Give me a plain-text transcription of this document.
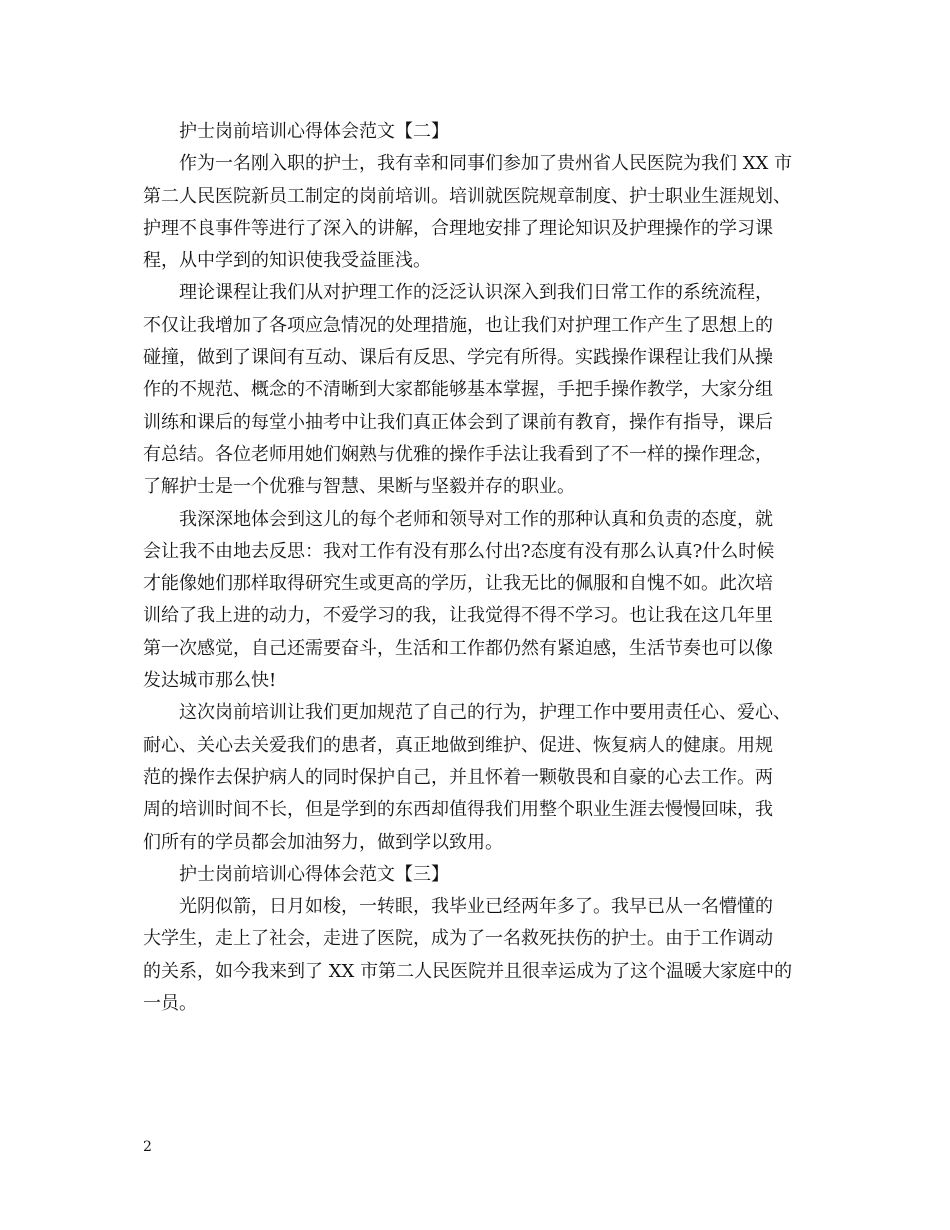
护士岗前培训心得体会范文【二】
作为一名刚入职的护士，我有幸和同事们参加了贵州省人民医院为我们 XX 市
第二人民医院新员工制定的岗前培训。培训就医院规章制度、护士职业生涯规划、
护理不良事件等进行了深入的讲解，合理地安排了理论知识及护理操作的学习课
程，从中学到的知识使我受益匪浅。
理论课程让我们从对护理工作的泛泛认识深入到我们日常工作的系统流程，
不仅让我增加了各项应急情况的处理措施，也让我们对护理工作产生了思想上的
碰撞，做到了课间有互动、课后有反思、学完有所得。实践操作课程让我们从操
作的不规范、概念的不清晰到大家都能够基本掌握，手把手操作教学，大家分组
训练和课后的每堂小抽考中让我们真正体会到了课前有教育，操作有指导，课后
有总结。各位老师用她们娴熟与优雅的操作手法让我看到了不一样的操作理念，
了解护士是一个优雅与智慧、果断与坚毅并存的职业。
我深深地体会到这儿的每个老师和领导对工作的那种认真和负责的态度，就
会让我不由地去反思：我对工作有没有那么付出?态度有没有那么认真?什么时候
才能像她们那样取得研究生或更高的学历，让我无比的佩服和自愧不如。此次培
训给了我上进的动力，不爱学习的我，让我觉得不得不学习。也让我在这几年里
第一次感觉，自己还需要奋斗，生活和工作都仍然有紧迫感，生活节奏也可以像
发达城市那么快!
这次岗前培训让我们更加规范了自己的行为，护理工作中要用责任心、爱心、
耐心、关心去关爱我们的患者，真正地做到维护、促进、恢复病人的健康。用规
范的操作去保护病人的同时保护自己，并且怀着一颗敬畏和自豪的心去工作。两
周的培训时间不长，但是学到的东西却值得我们用整个职业生涯去慢慢回味，我
们所有的学员都会加油努力，做到学以致用。
护士岗前培训心得体会范文【三】
光阴似箭，日月如梭，一转眼，我毕业已经两年多了。我早已从一名懵懂的
大学生，走上了社会，走进了医院，成为了一名救死扶伤的护士。由于工作调动
的关系，如今我来到了 XX 市第二人民医院并且很幸运成为了这个温暖大家庭中的
一员。
2
